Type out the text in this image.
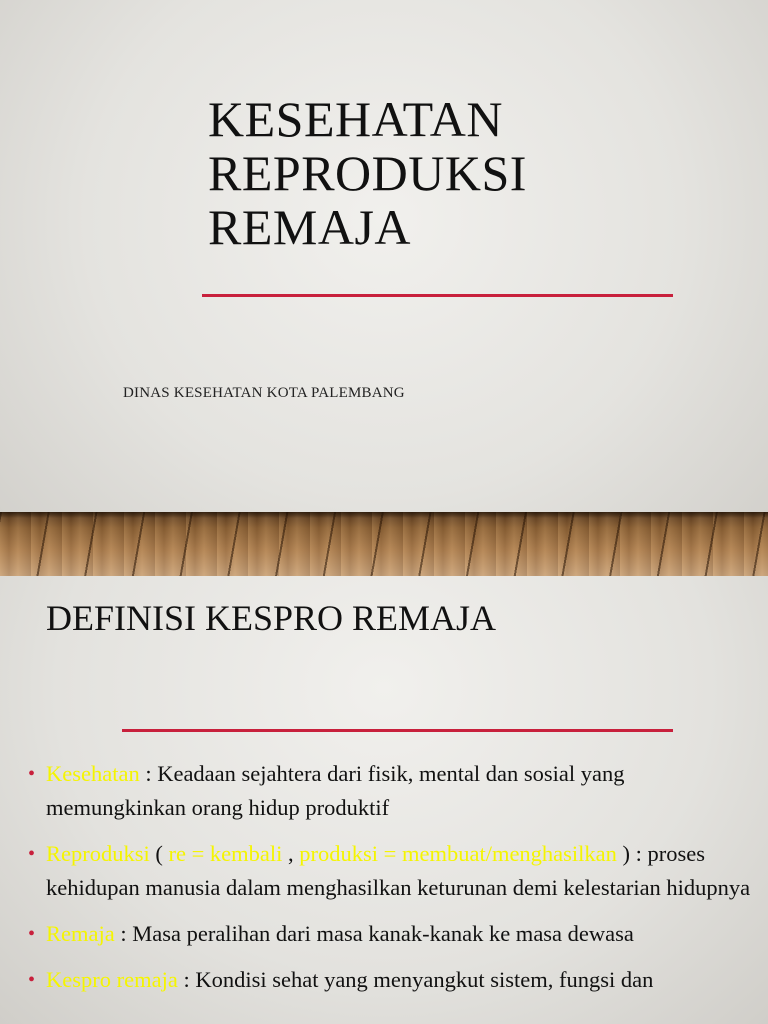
KESEHATAN
REPRODUKSI
REMAJA
DINAS KESEHATAN KOTA PALEMBANG
DEFINISI KESPRO REMAJA
• Kesehatan : Keadaan sejahtera dari fisik, mental dan sosial yang memungkinkan orang hidup produktif
• Reproduksi ( re = kembali , produksi = membuat/menghasilkan ) : proses kehidupan manusia dalam menghasilkan keturunan demi kelestarian hidupnya
• Remaja : Masa peralihan dari masa kanak-kanak ke masa dewasa
• Kespro remaja : Kondisi sehat yang menyangkut sistem, fungsi dan
